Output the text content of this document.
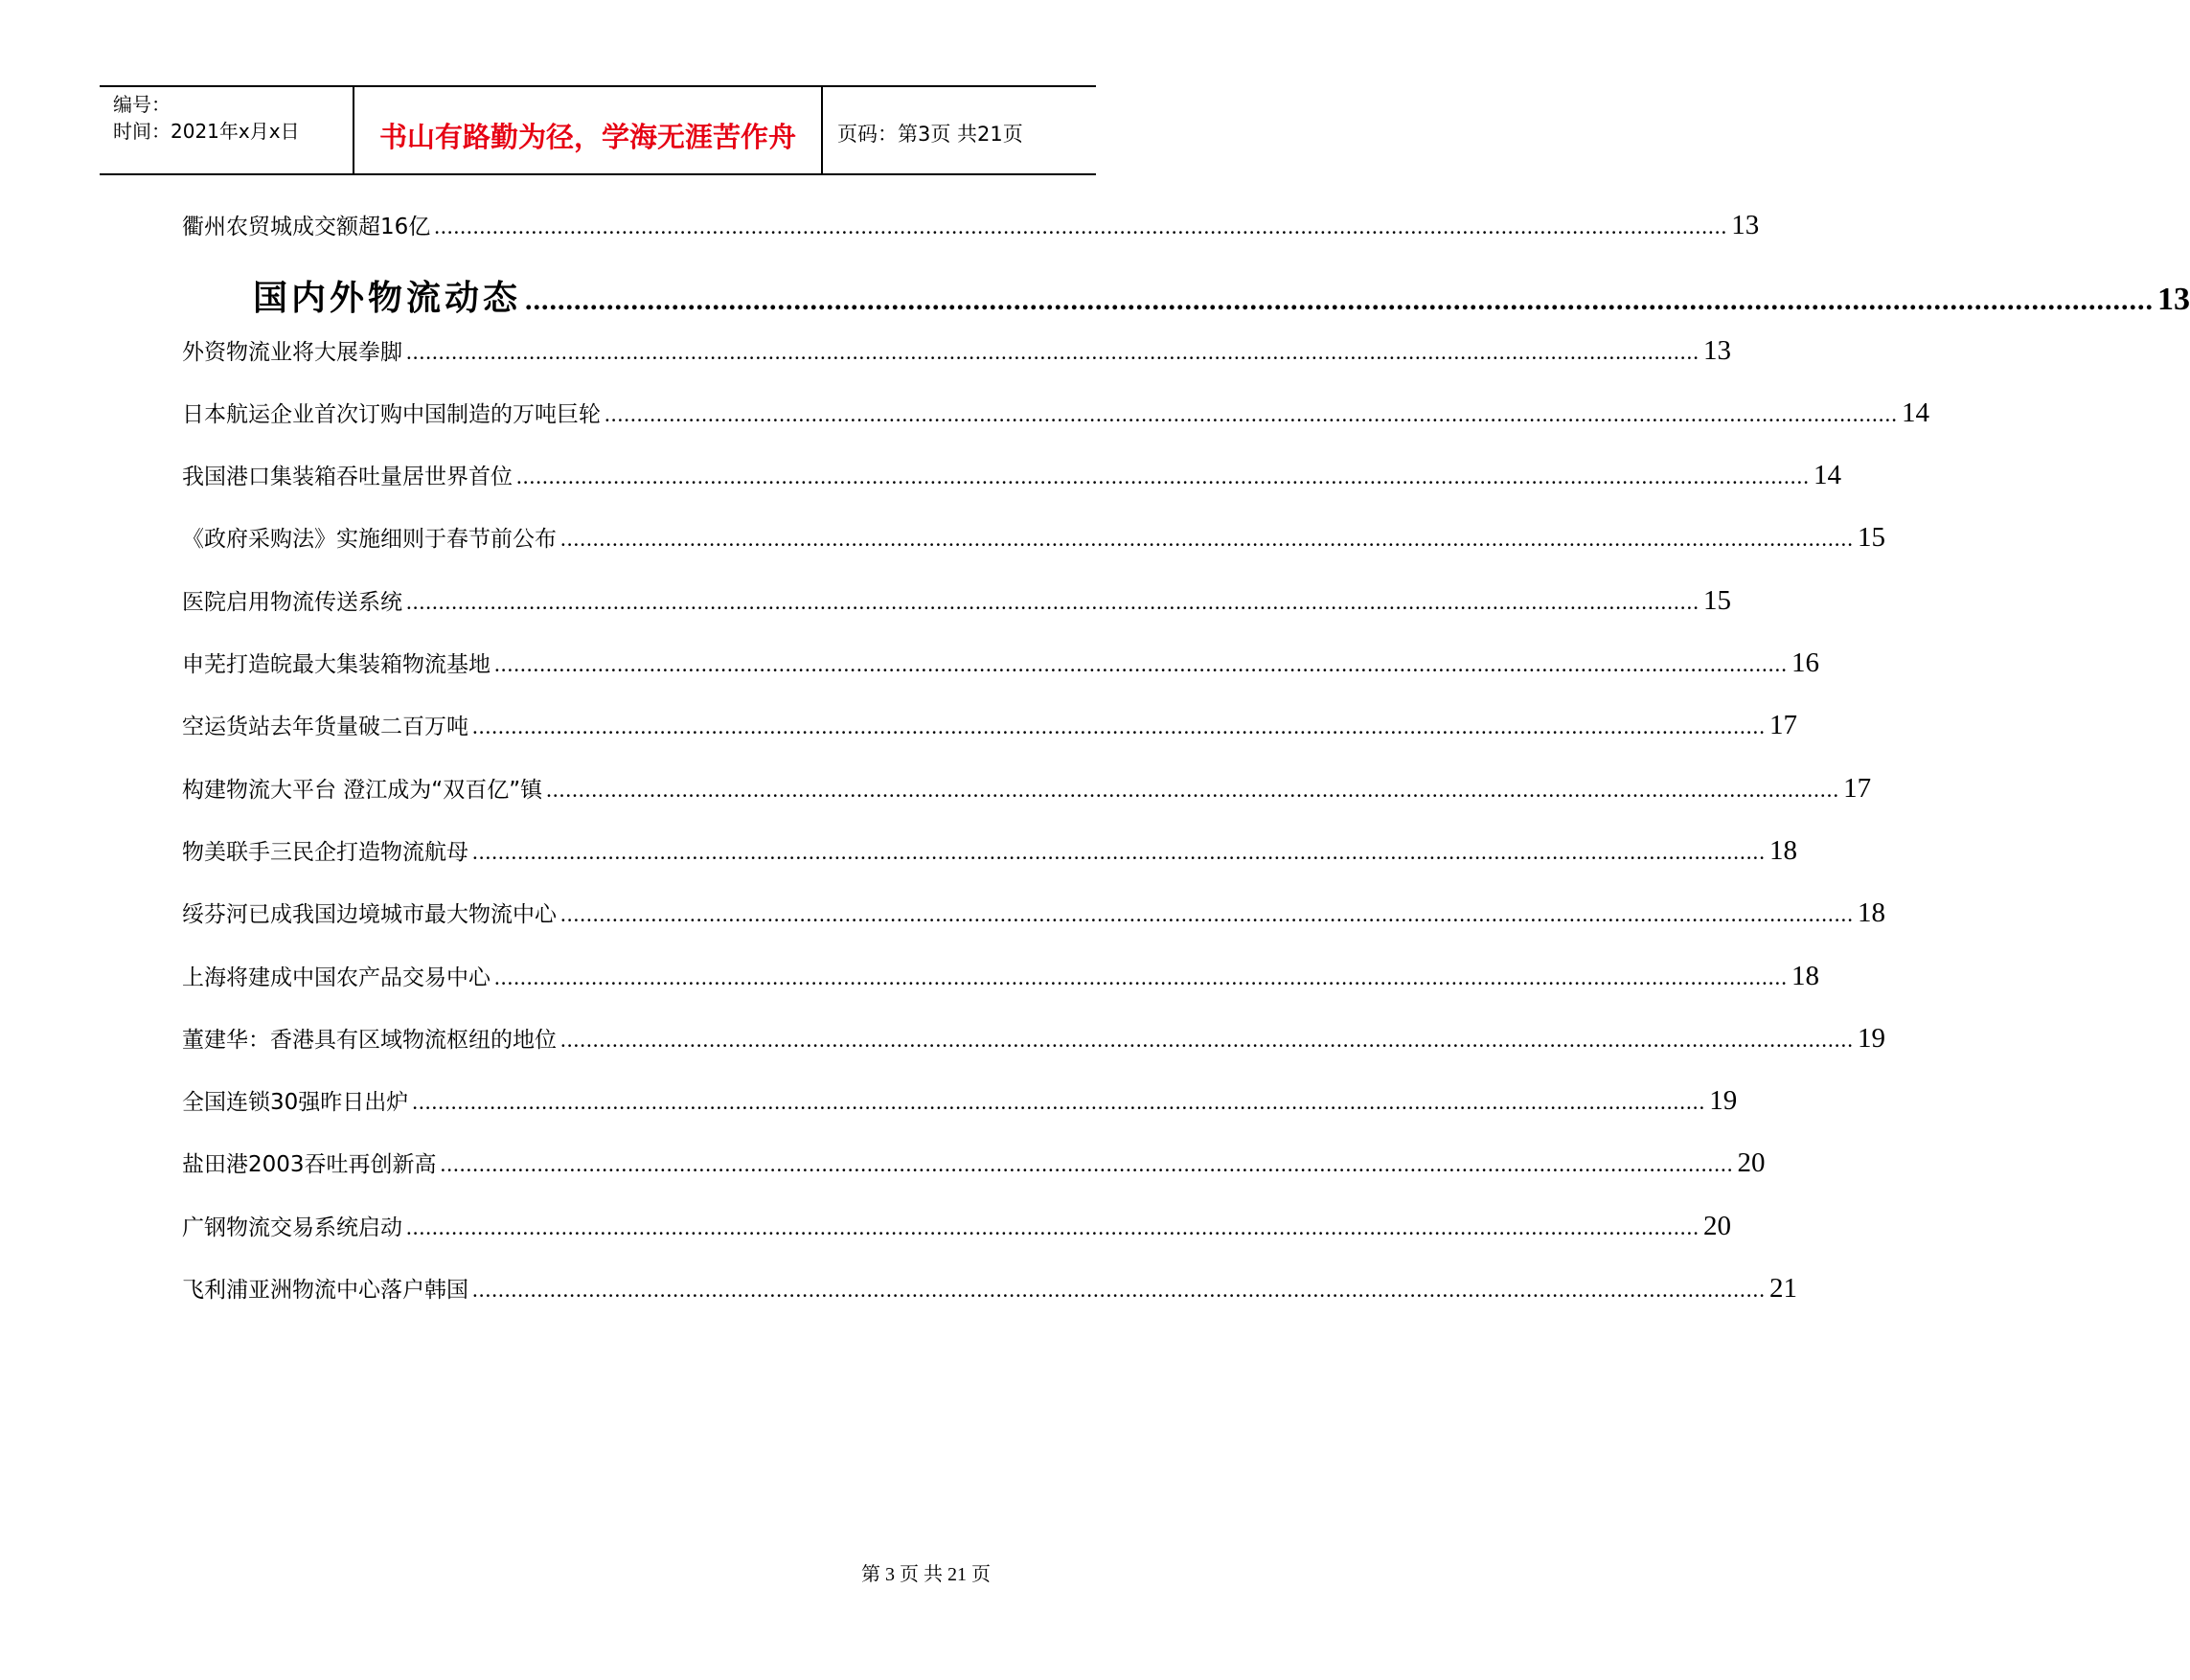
编号：
时间：2021年x月x日	书山有路勤为径，学海无涯苦作舟	页码：第3页 共21页
衢州农贸城成交额超16亿 ........................................................................................................................................................................................................ 13
国内外物流动态 ........................................................................................................................................................................................................ 13
外资物流业将大展拳脚 ........................................................................................................................................................................................................ 13
日本航运企业首次订购中国制造的万吨巨轮 ........................................................................................................................................................................................................ 14
我国港口集装箱吞吐量居世界首位 ........................................................................................................................................................................................................ 14
《政府采购法》实施细则于春节前公布 ........................................................................................................................................................................................................ 15
医院启用物流传送系统 ........................................................................................................................................................................................................ 15
申芜打造皖最大集装箱物流基地 ........................................................................................................................................................................................................ 16
空运货站去年货量破二百万吨 ........................................................................................................................................................................................................ 17
构建物流大平台 澄江成为“双百亿”镇 ........................................................................................................................................................................................................ 17
物美联手三民企打造物流航母 ........................................................................................................................................................................................................ 18
绥芬河已成我国边境城市最大物流中心 ........................................................................................................................................................................................................ 18
上海将建成中国农产品交易中心 ........................................................................................................................................................................................................ 18
董建华：香港具有区域物流枢纽的地位 ........................................................................................................................................................................................................ 19
全国连锁30强昨日出炉 ........................................................................................................................................................................................................ 19
盐田港2003吞吐再创新高 ........................................................................................................................................................................................................ 20
广钢物流交易系统启动 ........................................................................................................................................................................................................ 20
飞利浦亚洲物流中心落户韩国 ........................................................................................................................................................................................................ 21
第 3 页 共 21 页
